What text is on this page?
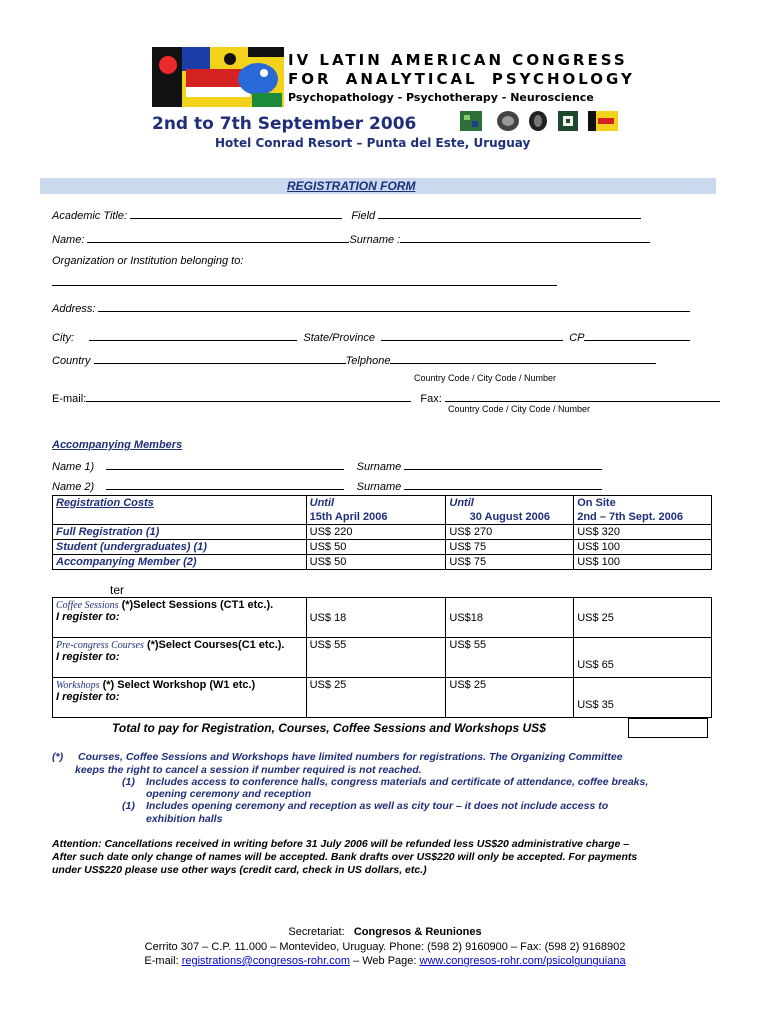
IV LATIN AMERICAN CONGRESS
FOR ANALYTICAL PSYCHOLOGY
Psychopathology - Psychotherapy - Neuroscience
2nd to 7th September 2006
Hotel Conrad Resort – Punta del Este, Uruguay
REGISTRATION FORM
Academic Title:	Field
Name:	Surname :
Organization or Institution belonging to:
Address:
City:	State/Province	CP
Country	Telphone
Country Code / City Code / Number
E-mail:	Fax:
Country Code / City Code / Number
Accompanying Members
Name 1)	Surname
Name 2)	Surname
Registration Costs	Until	Until	On Site
	15th April 2006	30 August 2006	2nd – 7th Sept. 2006
Full Registration (1)	US$ 220	US$ 270	US$ 320
Student (undergraduates) (1)	US$ 50	US$ 75	US$ 100
Accompanying Member (2)	US$ 50	US$ 75	US$ 100
ter
Coffee Sessions (*)Select Sessions (CT1 etc.).
I register to:	US$ 18	US$18	US$ 25
Pre-congress Courses (*)Select Courses(C1 etc.).
I register to:	US$ 55	US$ 55	US$ 65
Workshops (*) Select Workshop (W1 etc.)
I register to:	US$ 25	US$ 25	US$ 35
Total to pay for Registration, Courses, Coffee Sessions and Workshops US$
(*) Courses, Coffee Sessions and Workshops have limited numbers for registrations. The Organizing Committee
keeps the right to cancel a session if number required is not reached.
(1) Includes access to conference halls, congress materials and certificate of attendance, coffee breaks,
opening ceremony and reception
(1) Includes opening ceremony and reception as well as city tour – it does not include access to
exhibition halls
Attention: Cancellations received in writing before 31 July 2006 will be refunded less US$20 administrative charge –
After such date only change of names will be accepted. Bank drafts over US$220 will only be accepted. For payments
under US$220 please use other ways (credit card, check in US dollars, etc.)
Secretariat: Congresos & Reuniones
Cerrito 307 – C.P. 11.000 – Montevideo, Uruguay. Phone: (598 2) 9160900 – Fax: (598 2) 9168902
E-mail: registrations@congresos-rohr.com – Web Page: www.congresos-rohr.com/psicolgunguiana
